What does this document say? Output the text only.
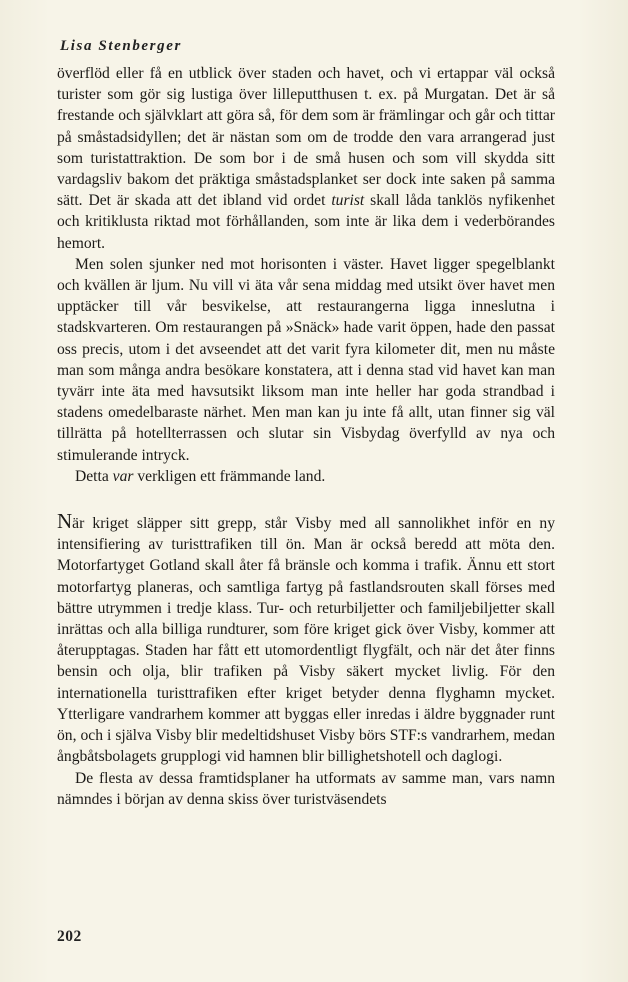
Lisa Stenberger

överflöd eller få en utblick över staden och havet, och vi ertappar väl också turister som gör sig lustiga över lilleputthusen t. ex. på Murgatan. Det är så frestande och självklart att göra så, för dem som är främlingar och går och tittar på småstadsidyllen; det är nästan som om de trodde den vara arrangerad just som turistattraktion. De som bor i de små husen och som vill skydda sitt vardagsliv bakom det präktiga småstadsplanket ser dock inte saken på samma sätt. Det är skada att det ibland vid ordet turist skall låda tanklös nyfikenhet och kritiklusta riktad mot förhållanden, som inte är lika dem i vederbörandes hemort.

Men solen sjunker ned mot horisonten i väster. Havet ligger spegelblankt och kvällen är ljum. Nu vill vi äta vår sena middag med utsikt över havet men upptäcker till vår besvikelse, att restaurangerna ligga inneslutna i stadskvarteren. Om restaurangen på »Snäck» hade varit öppen, hade den passat oss precis, utom i det avseendet att det varit fyra kilometer dit, men nu måste man som många andra besökare konstatera, att i denna stad vid havet kan man tyvärr inte äta med havsutsikt liksom man inte heller har goda strandbad i stadens omedelbaraste närhet. Men man kan ju inte få allt, utan finner sig väl tillrätta på hotellterrassen och slutar sin Visbydag överfylld av nya och stimulerande intryck.

Detta var verkligen ett främmande land.

När kriget släpper sitt grepp, står Visby med all sannolikhet inför en ny intensifiering av turisttrafiken till ön. Man är också beredd att möta den. Motorfartyget Gotland skall åter få bränsle och komma i trafik. Ännu ett stort motorfartyg planeras, och samtliga fartyg på fastlandsrouten skall förses med bättre utrymmen i tredje klass. Tur- och returbiljetter och familjebiljetter skall inrättas och alla billiga rundturer, som före kriget gick över Visby, kommer att återupptagas. Staden har fått ett utomordentligt flygfält, och när det åter finns bensin och olja, blir trafiken på Visby säkert mycket livlig. För den internationella turisttrafiken efter kriget betyder denna flyghamn mycket. Ytterligare vandrarhem kommer att byggas eller inredas i äldre byggnader runt ön, och i själva Visby blir medeltidshuset Visby börs STF:s vandrarhem, medan ångbåtsbolagets grupplogi vid hamnen blir billighetshotell och daglogi.

De flesta av dessa framtidsplaner ha utformats av samme man, vars namn nämndes i början av denna skiss över turistväsendets

202
